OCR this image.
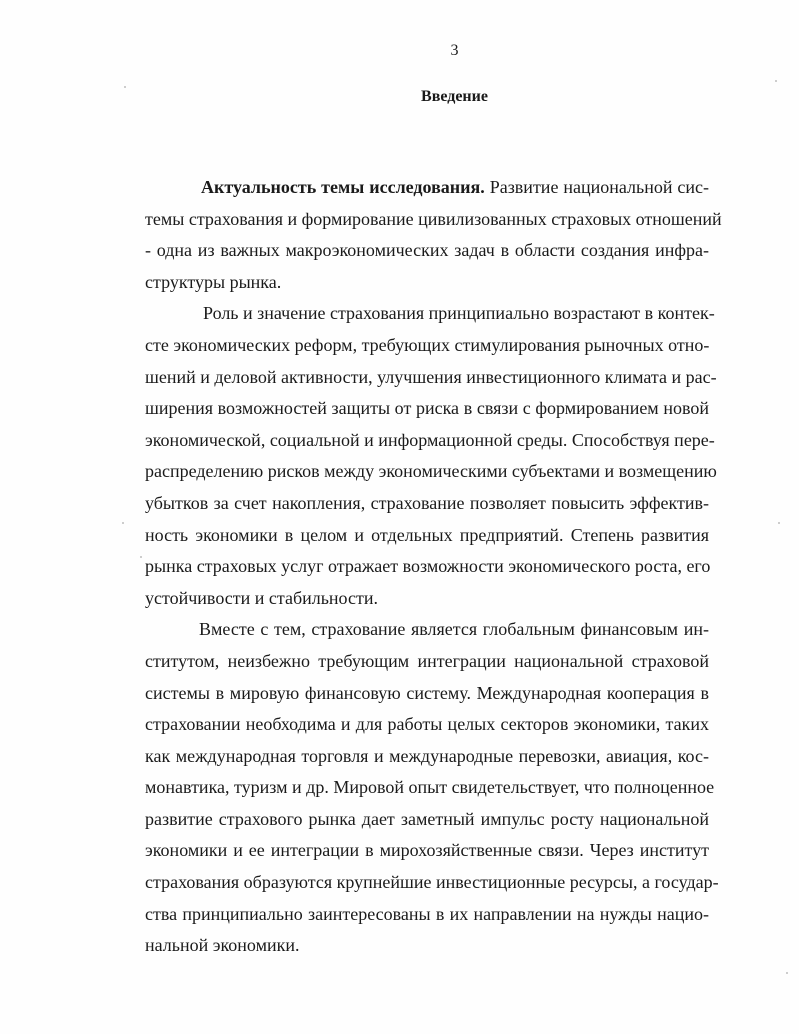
3
Введение
Актуальность темы исследования. Развитие национальной сис-
темы страхования и формирование цивилизованных страховых отношений
- одна из важных макроэкономических задач в области создания инфра-
структуры рынка.
Роль и значение страхования принципиально возрастают в контек-
сте экономических реформ, требующих стимулирования рыночных отно-
шений и деловой активности, улучшения инвестиционного климата и рас-
ширения возможностей защиты от риска в связи с формированием новой
экономической, социальной и информационной среды. Способствуя пере-
распределению рисков между экономическими субъектами и возмещению
убытков за счет накопления, страхование позволяет повысить эффектив-
ность экономики в целом и отдельных предприятий. Степень развития
рынка страховых услуг отражает возможности экономического роста, его
устойчивости и стабильности.
Вместе с тем, страхование является глобальным финансовым ин-
ститутом, неизбежно требующим интеграции национальной страховой
системы в мировую финансовую систему. Международная кооперация в
страховании необходима и для работы целых секторов экономики, таких
как международная торговля и международные перевозки, авиация, кос-
монавтика, туризм и др. Мировой опыт свидетельствует, что полноценное
развитие страхового рынка дает заметный импульс росту национальной
экономики и ее интеграции в мирохозяйственные связи. Через институт
страхования образуются крупнейшие инвестиционные ресурсы, а государ-
ства принципиально заинтересованы в их направлении на нужды нацио-
нальной экономики.
